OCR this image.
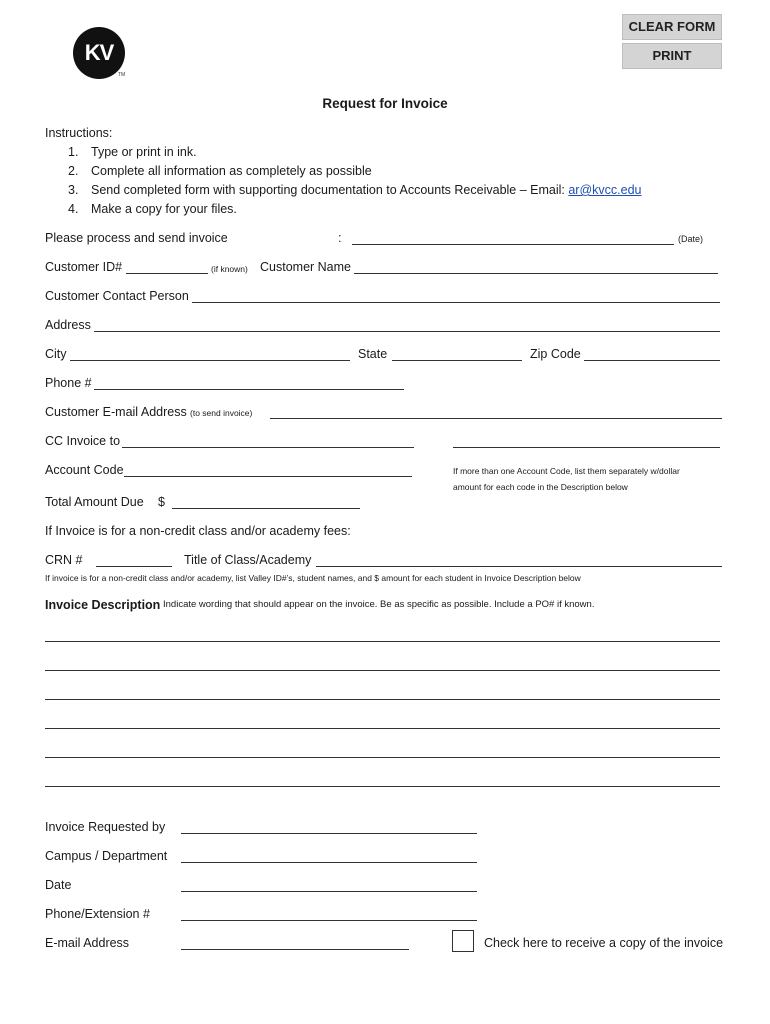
CLEAR FORM
PRINT
KV
TM
Request for Invoice
Instructions:
1. Type or print in ink.
2. Complete all information as completely as possible
3. Send completed form with supporting documentation to Accounts Receivable – Email: ar@kvcc.edu
4. Make a copy for your files.
Please process and send invoice	:	(Date)
Customer ID#	(if known) Customer Name
Customer Contact Person
Address
City	State	Zip Code
Phone #
Customer E-mail Address (to send invoice)
CC Invoice to
Account Code	If more than one Account Code, list them separately w/dollar
amount for each code in the Description below
Total Amount Due $
If Invoice is for a non-credit class and/or academy fees:
CRN #	Title of Class/Academy
If invoice is for a non-credit class and/or academy, list Valley ID#’s, student names, and $ amount for each student in Invoice Description below
Invoice Description Indicate wording that should appear on the invoice. Be as specific as possible. Include a PO# if known.
Invoice Requested by
Campus / Department
Date
Phone/Extension #
E-mail Address	Check here to receive a copy of the invoice
